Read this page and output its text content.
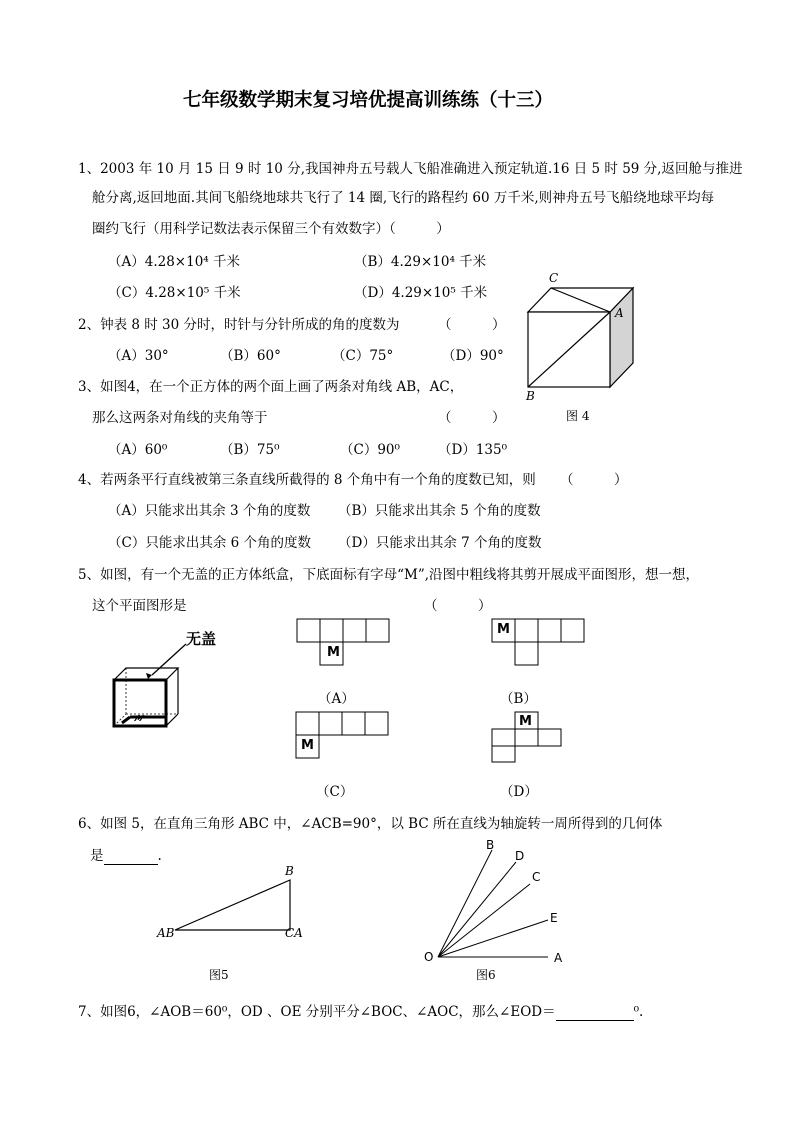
七年级数学期末复习培优提高训练练（十三）
1、2003 年 10 月 15 日 9 时 10 分,我国神舟五号载人飞船准确进入预定轨道.16 日 5 时 59 分,返回舱与推进
舱分离,返回地面.其间飞船绕地球共飞行了 14 圈,飞行的路程约 60 万千米,则神舟五号飞船绕地球平均每
圈约飞行（用科学记数法表示保留三个有效数字）（　　　）
（A）4.28×10⁴ 千米	（B）4.29×10⁴ 千米
（C）4.28×10⁵ 千米	（D）4.29×10⁵ 千米
2、钟表 8 时 30 分时，时针与分针所成的角的度数为	（　　　）
（A）30°	（B）60°	（C）75°	（D）90°
3、如图4，在一个正方体的两个面上画了两条对角线 AB，AC，
那么这两条对角线的夹角等于	（　　　）
（A）60⁰	（B）75⁰	（C）90⁰	（D）135⁰
C
A
B
图 4
4、若两条平行直线被第三条直线所截得的 8 个角中有一个角的度数已知，则 （　　　）
（A）只能求出其余 3 个角的度数 （B）只能求出其余 5 个角的度数
（C）只能求出其余 6 个角的度数 （D）只能求出其余 7 个角的度数
5、如图，有一个无盖的正方体纸盒，下底面标有字母“M”,沿图中粗线将其剪开展成平面图形，想一想，
这个平面图形是	（　　　）
无盖
M
M
（A）
M
（B）
M
（C）
M
（D）
6、如图 5，在直角三角形 ABC 中，∠ACB=90°，以 BC 所在直线为轴旋转一周所得到的几何体
是	.
B
AB	CA
图5
O	A
B
D
C
E
图6
7、如图6，∠AOB＝60⁰，OD 、OE 分别平分∠BOC、∠AOC，那么∠EOD＝	⁰.
